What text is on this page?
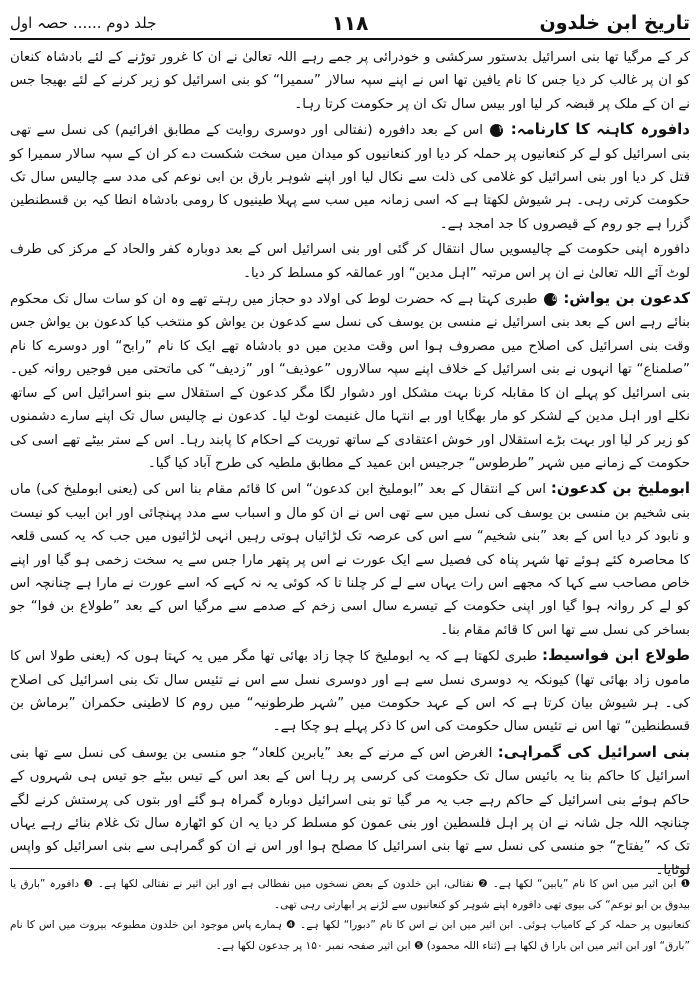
تاریخ ابن خلدون
۱۱۸
جلد دوم ...... حصہ اول

کر کے مرگیا تھا بنی اسرائیل بدستور سرکشی و خودرائی پر جمے رہے اللہ تعالیٰ نے ان کا غرور توڑنے کے لئے بادشاہ کنعان کو ان پر غالب کر دیا جس کا نام یافین تھا اس نے اپنے سپہ سالار ”سمیرا“ کو بنی اسرائیل کو زیر کرنے کے لئے بھیجا جس نے ان کے ملک پر قبضہ کر لیا اور بیس سال تک ان پر حکومت کرتا رہا۔

دافورہ کاہنہ کا کارنامہ: ۲ اس کے بعد دافورہ (نفتالی اور دوسری روایت کے مطابق افرائیم) کی نسل سے تھی بنی اسرائیل کو لے کر کنعانیوں پر حملہ کر دیا اور کنعانیوں کو میدان میں سخت شکست دے کر ان کے سپہ سالار سمیرا کو قتل کر دیا اور بنی اسرائیل کو غلامی کی ذلت سے نکال لیا اور اپنے شوہر بارق بن ابی نوعم کی مدد سے چالیس سال تک حکومت کرتی رہی۔ ہر شیوش لکھتا ہے کہ اسی زمانہ میں سب سے پہلا طینیوں کا رومی بادشاہ انطا کیہ بن قسطنطین گزرا ہے جو روم کے قیصروں کا جد امجد ہے۔

دافورہ اپنی حکومت کے چالیسویں سال انتقال کر گئی اور بنی اسرائیل اس کے بعد دوبارہ کفر والحاد کے مرکز کی طرف لوٹ آئے اللہ تعالیٰ نے ان پر اس مرتبہ ”اہل مدین“ اور عمالقہ کو مسلط کر دیا۔

کدعون بن یواش: ۵ طبری کہتا ہے کہ حضرت لوط کی اولاد دو حجاز میں رہتے تھے وہ ان کو سات سال تک محکوم بنائے رہے اس کے بعد بنی اسرائیل نے منسی بن یوسف کی نسل سے کدعون بن یواش کو منتخب کیا کدعون بن یواش جس وقت بنی اسرائیل کی اصلاح میں مصروف ہوا اس وقت مدین میں دو بادشاہ تھے ایک کا نام ”رابح“ اور دوسرے کا نام ”صلمناع“ تھا انہوں نے بنی اسرائیل کے خلاف اپنے سپہ سالاروں ”عوذیف“ اور ”زدیف“ کی ماتحتی میں فوجیں روانہ کیں۔ بنی اسرائیل کو پہلے ان کا مقابلہ کرنا بہت مشکل اور دشوار لگا مگر کدعون کے استقلال سے بنو اسرائیل اس کے ساتھ نکلے اور اہل مدین کے لشکر کو مار بھگایا اور بے انتہا مال غنیمت لوٹ لیا۔ کدعون نے چالیس سال تک اپنے سارے دشمنوں کو زیر کر لیا اور بہت بڑے استقلال اور خوش اعتقادی کے ساتھ توریت کے احکام کا پابند رہا۔ اس کے ستر بیٹے تھے اسی کی حکومت کے زمانے میں شہر ”طرطوس“ جرجیس ابن عمید کے مطابق ملطیہ کی طرح آباد کیا گیا۔

ابوملیخ بن کدعون: اس کے انتقال کے بعد ”ابوملیخ ابن کدعون“ اس کا قائم مقام بنا اس کی (یعنی ابوملیخ کی) ماں بنی شخیم بن منسی بن یوسف کی نسل میں سے تھی اس نے ان کو مال و اسباب سے مدد پہنچائی اور ابن ابیب کو نیست و نابود کر دیا اس کے بعد ”بنی شخیم“ سے اس کی عرصہ تک لڑائیاں ہوتی رہیں انہی لڑائیوں میں جب کہ یہ کسی قلعہ کا محاصرہ کئے ہوئے تھا شہر پناہ کی فصیل سے ایک عورت نے اس پر پتھر مارا جس سے یہ سخت زخمی ہو گیا اور اپنے خاص مصاحب سے کہا کہ مجھے اس رات یہاں سے لے کر چلنا تا کہ کوئی یہ نہ کہے کہ اسے عورت نے مارا ہے چنانچہ اس کو لے کر روانہ ہوا گیا اور اپنی حکومت کے تیسرے سال اسی زخم کے صدمے سے مرگیا اس کے بعد ”طولاع بن فوا“ جو بساخر کی نسل سے تھا اس کا قائم مقام بنا۔

طولاع ابن فواسیط: طبری لکھتا ہے کہ یہ ابوملیخ کا چچا زاد بھائی تھا مگر میں یہ کہتا ہوں کہ (یعنی طولا اس کا ماموں زاد بھائی تھا) کیونکہ یہ دوسری نسل سے ہے اور دوسری نسل سے اس نے تئیس سال تک بنی اسرائیل کی اصلاح کی۔ ہر شیوش بیان کرتا ہے کہ اس کے عہد حکومت میں ”شہر طرطونیہ“ میں روم کا لاطینی حکمران ”برماش بن قسطنطین“ تھا اس نے تئیس سال حکومت کی اس کا ذکر پہلے ہو چکا ہے۔

بنی اسرائیل کی گمراہی: الغرض اس کے مرنے کے بعد ”یابرین کلعاد“ جو منسی بن یوسف کی نسل سے تھا بنی اسرائیل کا حاکم بنا یہ بائیس سال تک حکومت کی کرسی پر رہا اس کے بعد اس کے تیس بیٹے جو تیس ہی شہروں کے حاکم ہوئے بنی اسرائیل کے حاکم رہے جب یہ مر گیا تو بنی اسرائیل دوبارہ گمراہ ہو گئے اور بتوں کی پرستش کرنے لگے چنانچہ اللہ جل شانہ نے ان پر اہل فلسطین اور بنی عمون کو مسلط کر دیا یہ ان کو اٹھارہ سال تک غلام بنائے رہے یہاں تک کہ ”یفتاح“ جو منسی کی نسل سے تھا بنی اسرائیل کا مصلح ہوا اور اس نے ان کو گمراہی سے بنی اسرائیل کو واپس لوٹایا۔

❶ ابن اثیر میں اس کا نام ”یابین“ لکھا ہے۔ ❷ نفتالی، ابن خلدون کے بعض نسخوں میں نفطالی ہے اور ابن اثیر نے نفتالی لکھا ہے۔ ❸ دافورہ ”بارق یا بیدوق بن ابو نوعم“ کی بیوی تھی دافورہ اپنے شوہر کو کنعانیوں سے لڑنے پر ابھارتی رہی تھی۔

کنعانیوں پر حملہ کر کے کامیاب ہوئی۔ ابن اثیر میں ابن نے اس کا نام ”دبورا“ لکھا ہے۔ ❹ ہمارے پاس موجود ابن خلدون مطبوعہ بیروت میں اس کا نام ”بارق“ اور ابن اثیر میں ابن بارا ق لکھا ہے (ثناء اللہ محمود) ❺ ابن اثیر صفحہ نمبر ۱۵۰ پر جدعون لکھا ہے۔
